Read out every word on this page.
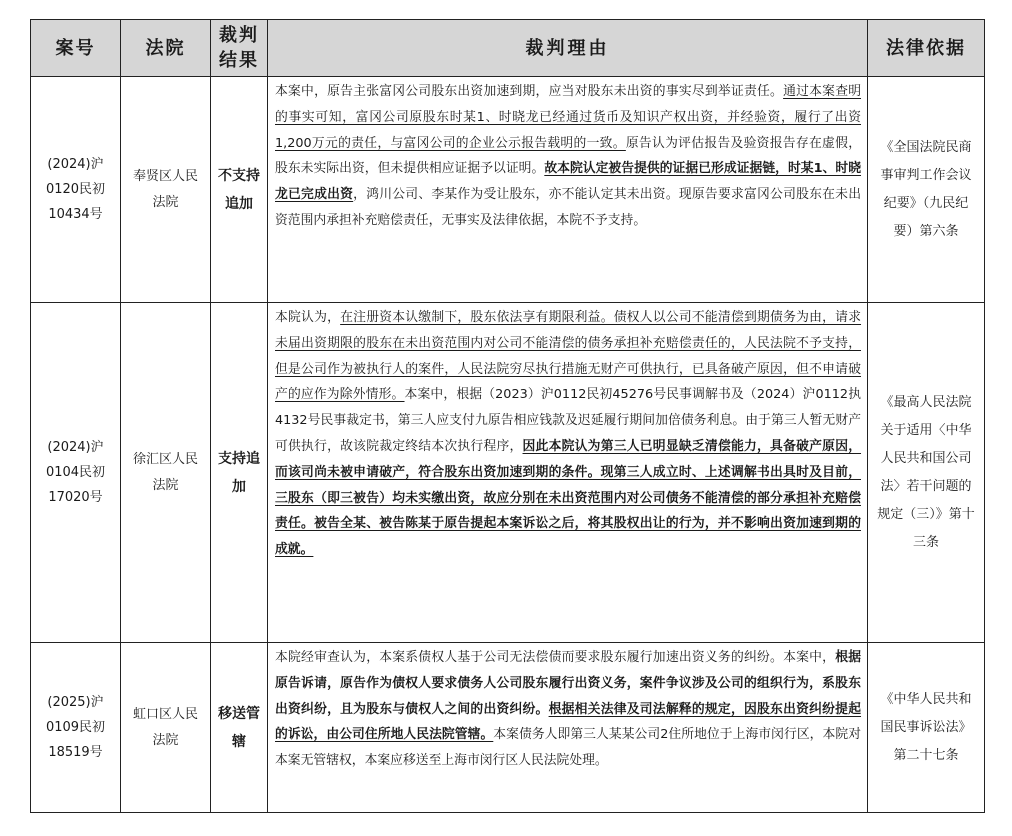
案号	法院	裁判结果	裁判理由	法律依据
(2024)沪0120民初10434号	奉贤区人民法院	不支持追加	本案中，原告主张富冈公司股东出资加速到期，应当对股东未出资的事实尽到举证责任。通过本案查明的事实可知，富冈公司原股东时某1、时晓龙已经通过货币及知识产权出资，并经验资，履行了出资1,200万元的责任，与富冈公司的企业公示报告载明的一致。原告认为评估报告及验资报告存在虚假，股东未实际出资，但未提供相应证据予以证明。故本院认定被告提供的证据已形成证据链，时某1、时晓龙已完成出资，鸿川公司、李某作为受让股东，亦不能认定其未出资。现原告要求富冈公司股东在未出资范围内承担补充赔偿责任，无事实及法律依据，本院不予支持。	《全国法院民商事审判工作会议纪要》（九民纪要）第六条
(2024)沪0104民初17020号	徐汇区人民法院	支持追加	本院认为，在注册资本认缴制下，股东依法享有期限利益。债权人以公司不能清偿到期债务为由，请求未届出资期限的股东在未出资范围内对公司不能清偿的债务承担补充赔偿责任的，人民法院不予支持，但是公司作为被执行人的案件，人民法院穷尽执行措施无财产可供执行，已具备破产原因，但不申请破产的应作为除外情形。本案中，根据（2023）沪0112民初45276号民事调解书及（2024）沪0112执4132号民事裁定书，第三人应支付九原告相应钱款及迟延履行期间加倍债务利息。由于第三人暂无财产可供执行，故该院裁定终结本次执行程序，因此本院认为第三人已明显缺乏清偿能力，具备破产原因，而该司尚未被申请破产，符合股东出资加速到期的条件。现第三人成立时、上述调解书出具时及目前，三股东（即三被告）均未实缴出资，故应分别在未出资范围内对公司债务不能清偿的部分承担补充赔偿责任。被告全某、被告陈某于原告提起本案诉讼之后，将其股权出让的行为，并不影响出资加速到期的成就。	《最高人民法院关于适用〈中华人民共和国公司法〉若干问题的规定（三）》第十三条
(2025)沪0109民初18519号	虹口区人民法院	移送管辖	本院经审查认为，本案系债权人基于公司无法偿债而要求股东履行加速出资义务的纠纷。本案中，根据原告诉请，原告作为债权人要求债务人公司股东履行出资义务，案件争议涉及公司的组织行为，系股东出资纠纷，且为股东与债权人之间的出资纠纷。根据相关法律及司法解释的规定，因股东出资纠纷提起的诉讼，由公司住所地人民法院管辖。本案债务人即第三人某某公司2住所地位于上海市闵行区，本院对本案无管辖权，本案应移送至上海市闵行区人民法院处理。	《中华人民共和国民事诉讼法》第二十七条
